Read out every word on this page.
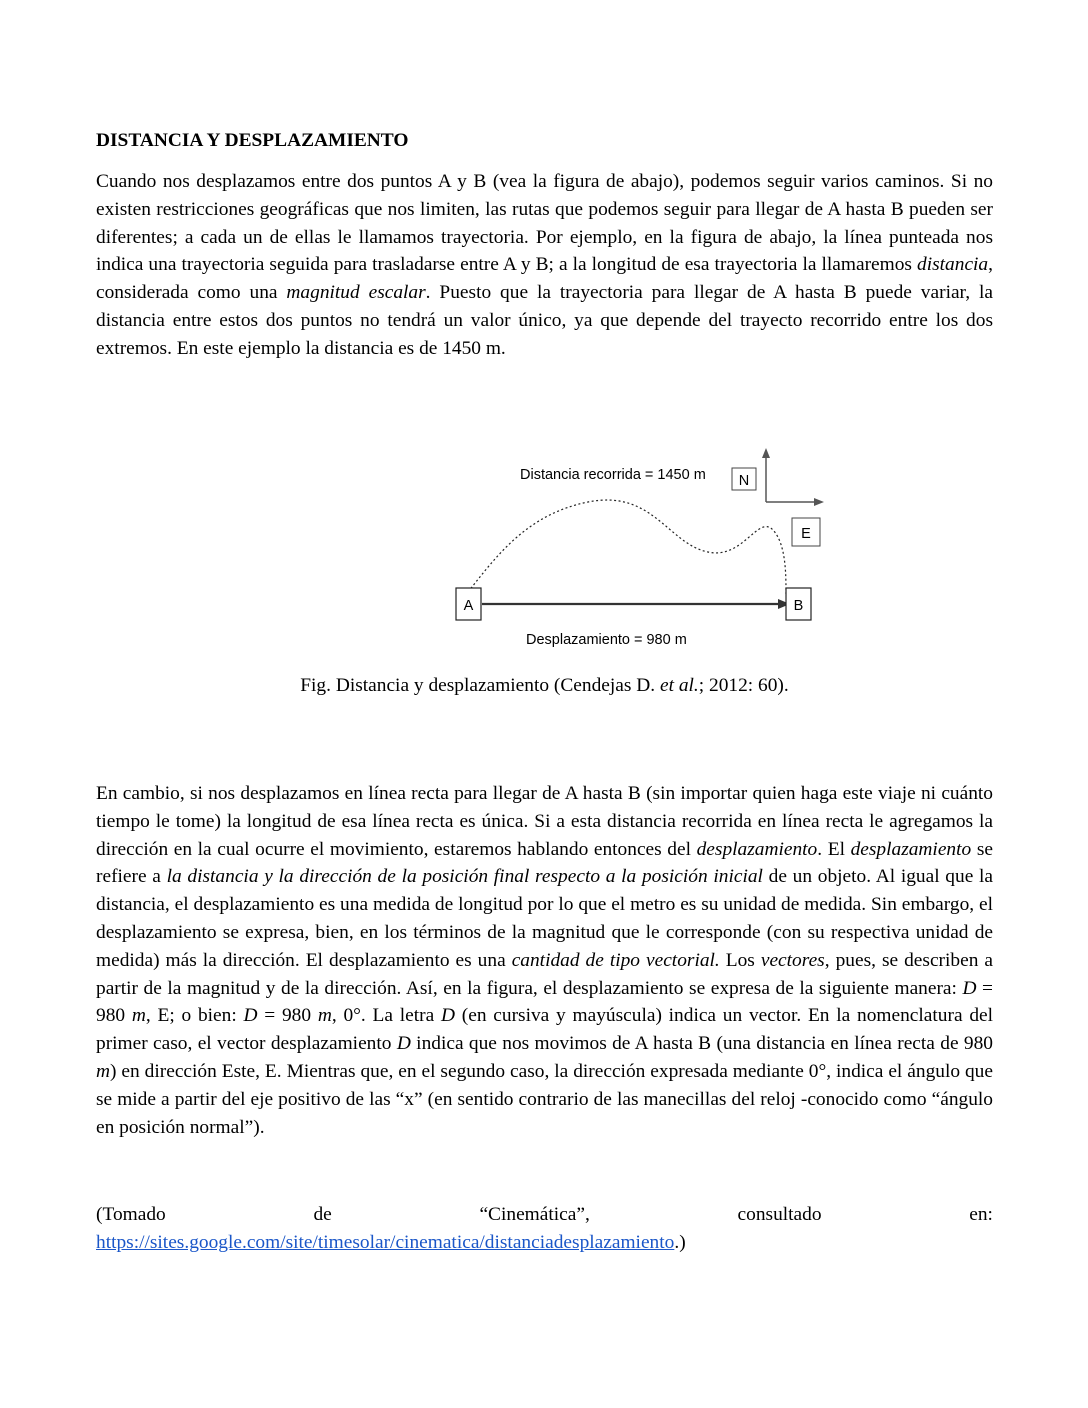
DISTANCIA Y DESPLAZAMIENTO

Cuando nos desplazamos entre dos puntos A y B (vea la figura de abajo), podemos seguir varios caminos. Si no existen restricciones geográficas que nos limiten, las rutas que podemos seguir para llegar de A hasta B pueden ser diferentes; a cada un de ellas le llamamos trayectoria. Por ejemplo, en la figura de abajo, la línea punteada nos indica una trayectoria seguida para trasladarse entre A y B; a la longitud de esa trayectoria la llamaremos distancia, considerada como una magnitud escalar. Puesto que la trayectoria para llegar de A hasta B puede variar, la distancia entre estos dos puntos no tendrá un valor único, ya que depende del trayecto recorrido entre los dos extremos. En este ejemplo la distancia es de 1450 m.

A	B
N
E
Distancia recorrida = 1450 m
Desplazamiento = 980 m

Fig. Distancia y desplazamiento (Cendejas D. et al.; 2012: 60).

En cambio, si nos desplazamos en línea recta para llegar de A hasta B (sin importar quien haga este viaje ni cuánto tiempo le tome) la longitud de esa línea recta es única. Si a esta distancia recorrida en línea recta le agregamos la dirección en la cual ocurre el movimiento, estaremos hablando entonces del desplazamiento. El desplazamiento se refiere a la distancia y la dirección de la posición final respecto a la posición inicial de un objeto. Al igual que la distancia, el desplazamiento es una medida de longitud por lo que el metro es su unidad de medida. Sin embargo, el desplazamiento se expresa, bien, en los términos de la magnitud que le corresponde (con su respectiva unidad de medida) más la dirección. El desplazamiento es una cantidad de tipo vectorial. Los vectores, pues, se describen a partir de la magnitud y de la dirección. Así, en la figura, el desplazamiento se expresa de la siguiente manera: D = 980 m, E; o bien: D = 980 m, 0°. La letra D (en cursiva y mayúscula) indica un vector. En la nomenclatura del primer caso, el vector desplazamiento D indica que nos movimos de A hasta B (una distancia en línea recta de 980 m) en dirección Este, E. Mientras que, en el segundo caso, la dirección expresada mediante 0°, indica el ángulo que se mide a partir del eje positivo de las “x” (en sentido contrario de las manecillas del reloj -conocido como “ángulo en posición normal”).

(Tomado	de	“Cinemática”,	consultado	en:
https://sites.google.com/site/timesolar/cinematica/distanciadesplazamiento.)
